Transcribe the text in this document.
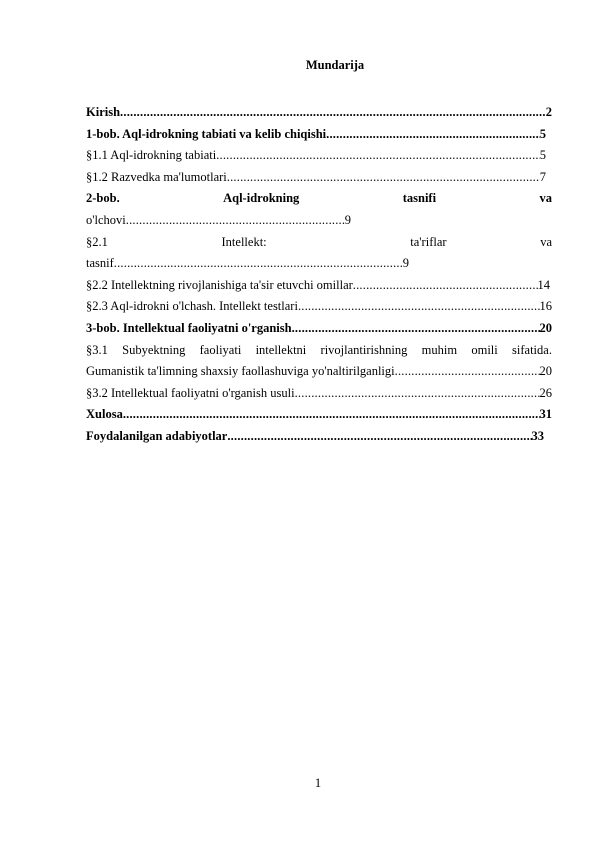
Mundarija
Kirish .....	2
1-bob. Aql-idrokning tabiati va kelib chiqishi .....	5
§1.1 Aql-idrokning tabiati .....	5
§1.2 Razvedka ma'lumotlari .....	7
2-bob.	Aql-idrokning	tasnifi	va
o'lchovi .....	9
§2.1	Intellekt:	ta'riflar	va
tasnif .....	9
§2.2 Intellektning rivojlanishiga ta'sir etuvchi omillar .....	14
§2.3 Aql-idrokni o'lchash. Intellekt testlari .....	16
3-bob. Intellektual faoliyatni o'rganish .....	20
§3.1 Subyektning faoliyati intellektni rivojlantirishning muhim omili sifatida.
Gumanistik ta'limning shaxsiy faollashuviga yo'naltirilganligi .....	20
§3.2 Intellektual faoliyatni o'rganish usuli .....	26
Xulosa .....	31
Foydalanilgan adabiyotlar .....	33
1
